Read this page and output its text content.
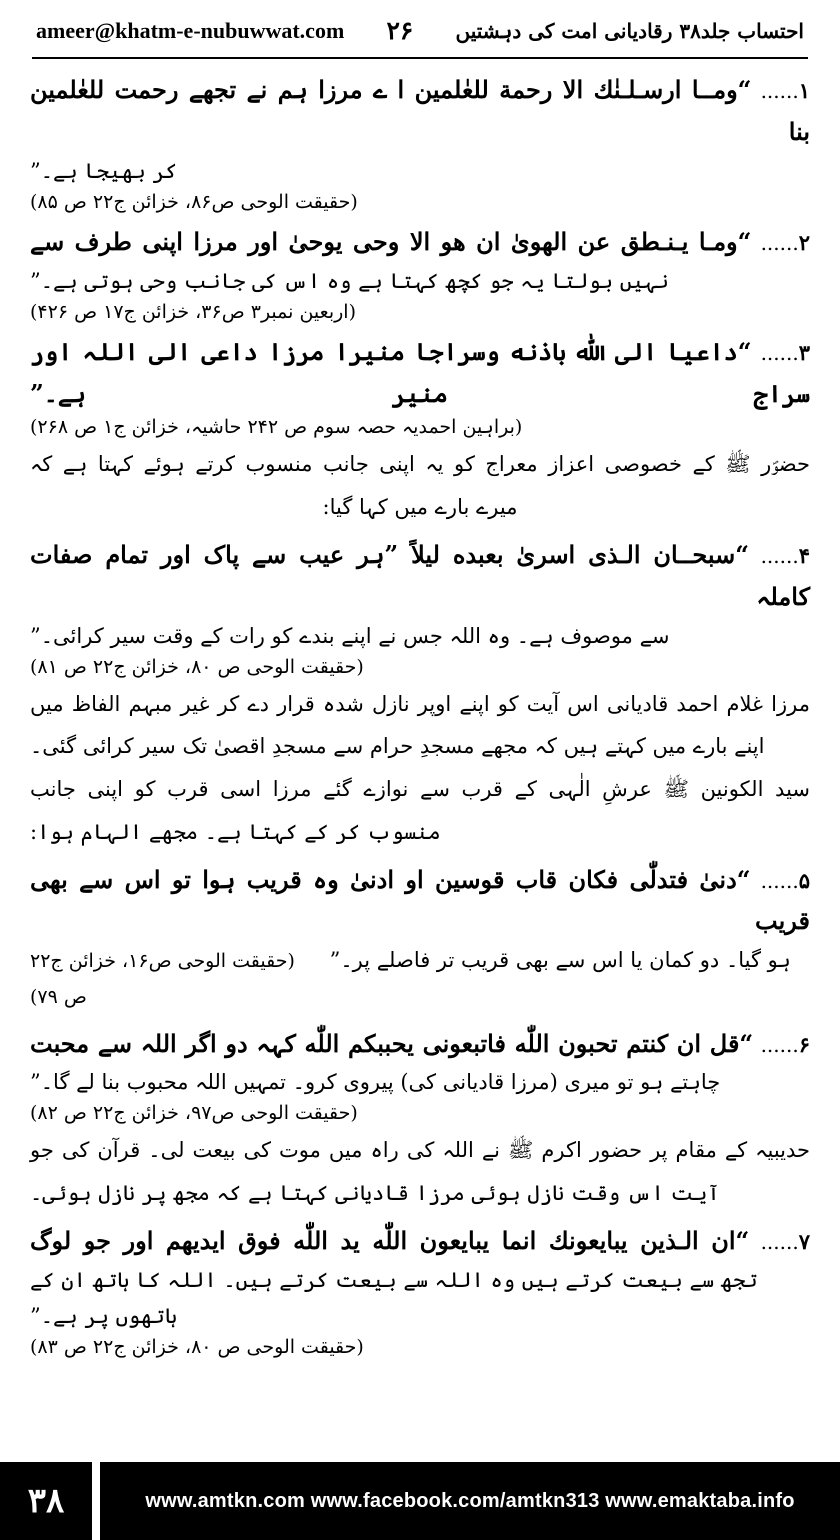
احتساب جلد۳۸ رقادیانی امت کی دہشتیں
۲۶
ameer@khatm-e-nubuwwat.com
۱...... “ومــا ارسـلـنٰك الا رحمة للعٰلمين ا ے مرزا ہم نے تجھے رحمت للعٰلمین بنا
کر بھیجا ہے۔”
(حقیقت الوحی ص۸۶، خزائن ج۲۲ ص ۸۵)
۲...... “ومـا يـنـطق عن الهوىٰ ان هو الا وحى يوحىٰ اور مرزا اپنی طرف سے
نہیں بولتا یہ جو کچھ کہتا ہے وہ اس کی جانب وحی ہوتی ہے۔”
(اربعین نمبر۳ ص۳۶، خزائن ج۱۷ ص ۴۲۶)
۳...... “داعيا الى اللّٰه باذنه وسراجا منيرا مرزا داعی الی اللہ اور سراج منیر ہے۔”
(براہین احمدیہ حصہ سوم ص ۲۴۲ حاشیہ، خزائن ج۱ ص ۲۶۸)
حضوؐر ﷺ کے خصوصی اعزاز معراج کو یہ اپنی جانب منسوب کرتے ہوئے کہتا ہے کہ
میرے بارے میں کہا گیا:
۴...... “سبحــان الـذى اسرىٰ بعبده ليلاً ”ہر عیب سے پاک اور تمام صفات کاملہ
سے موصوف ہے۔ وہ اللہ جس نے اپنے بندے کو رات کے وقت سیر کرائی۔”
(حقیقت الوحی ص ۸۰، خزائن ج۲۲ ص ۸۱)
مرزا غلام احمد قادیانی اس آیت کو اپنے اوپر نازل شدہ قرار دے کر غیر مبہم الفاظ میں
اپنے بارے میں کہتے ہیں کہ مجھے مسجدِ حرام سے مسجدِ اقصیٰ تک سیر کرائی گئی۔
سید الکونین ﷺ عرشِ الٰہی کے قرب سے نوازے گئے مرزا اسی قرب کو اپنی جانب
منسوب کر کے کہتا ہے۔ مجھے الہام ہوا:
۵...... “دنىٰ فتدلّٰى فكان قاب قوسين او ادنىٰ وہ قریب ہوا تو اس سے بھی قریب
ہو گیا۔ دو کمان یا اس سے بھی قریب تر فاصلے پر۔” (حقیقت الوحی ص۱۶، خزائن ج۲۲ ص ۷۹)
۶...... “قل ان كنتم تحبون اللّٰه فاتبعونى يحببكم اللّٰه کہہ دو اگر اللہ سے محبت
چاہتے ہو تو میری (مرزا قادیانی کی) پیروی کرو۔ تمہیں اللہ محبوب بنا لے گا۔”
(حقیقت الوحی ص۹۷، خزائن ج۲۲ ص ۸۲)
حدیبیہ کے مقام پر حضور اکرم ﷺ نے اللہ کی راہ میں موت کی بیعت لی۔ قرآن کی جو
آیت اس وقت نازل ہوئی مرزا قادیانی کہتا ہے کہ مجھ پر نازل ہوئی۔
۷...... “ان الـذين يبايعونك انما يبايعون اللّٰه يد اللّٰه فوق ايديهم اور جو لوگ
تجھ سے بیعت کرتے ہیں وہ اللہ سے بیعت کرتے ہیں۔ اللہ کا ہاتھ ان کے ہاتھوں پر ہے۔”
(حقیقت الوحی ص ۸۰، خزائن ج۲۲ ص ۸۳)
۳۸	www.amtkn.com www.facebook.com/amtkn313 www.emaktaba.info
